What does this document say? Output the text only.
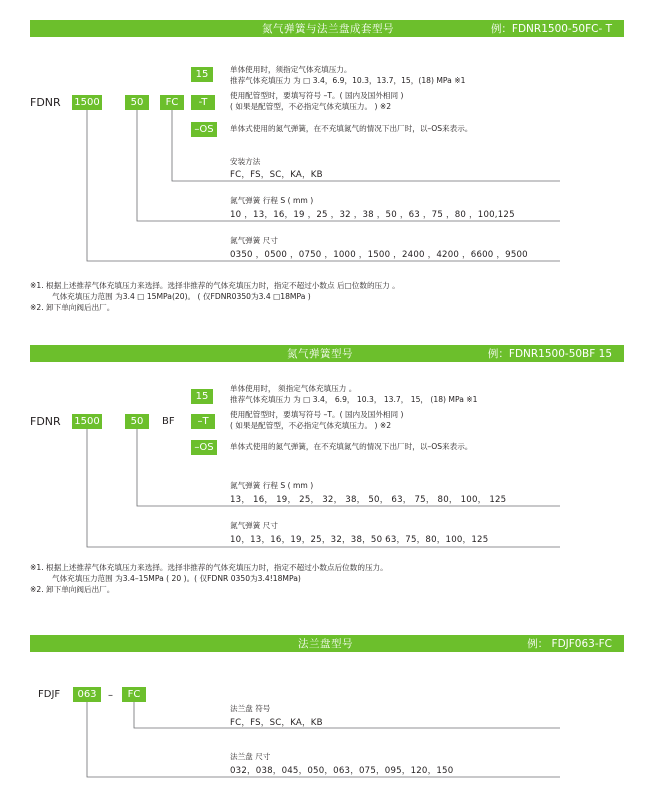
氮气弹簧与法兰盘成套型号	例：FDNR1500-50FC- T
15	单体使用时，须指定气体充填压力。
推荐气体充填压力 为 □ 3.4，6.9，10.3，13.7，15，(18) MPa ※1
FDNR 1500	50	FC	-T
使用配管型时，要填写符号 –T。( 国内及国外相同 )
( 如果是配管型，不必指定气体充填压力。 ) ※2
–OS	单体式使用的氮气弹簧，在不充填氮气的情况下出厂时，以–OS来表示。
安装方法
FC，FS，SC，KA，KB
氮气弹簧 行程 S ( mm )
10 ，13，16，19 ，25 ，32 ，38 ，50 ，63 ，75 ，80 ，100,125
氮气弹簧 尺寸
0350 ，0500 ，0750 ，1000 ，1500 ，2400 ，4200 ，6600 ，9500
※1. 根据上述推荐气体充填压力来选择。选择非推荐的气体充填压力时，指定不超过小数点 后□位数的压力 。
气体充填压力范围 为3.4 □ 15MPa(20)。 ( 仅FDNR0350为3.4 □18MPa )
※2. 卸下单向阀后出厂。
氮气弹簧型号	例：FDNR1500-50BF 15
15
单体使用时， 须指定气体充填压力 。
推荐气体充填压力 为 □ 3.4， 6.9， 10.3， 13.7， 15， (18) MPa ※1
FDNR 1500	50	BF	–T
使用配管型时，要填写符号 –T。( 国内及国外相同 )
( 如果是配管型，不必指定气体充填压力。 ) ※2
–OS	单体式使用的氮气弹簧，在不充填氮气的情况下出厂时，以–OS来表示。
氮气弹簧 行程 S ( mm )
13， 16， 19， 25， 32， 38， 50， 63， 75， 80， 100， 125
氮气弹簧 尺寸
10，13，16，19，25，32，38，50 63，75，80，100，125
※1. 根据上述推荐气体充填压力来选择。选择非推荐的气体充填压力时，指定不超过小数点后位数的压力。
气体充填压力范围 为3.4–15MPa ( 20 )。( 仅FDNR 0350为3.4!18MPa)
※2. 卸下单向阀后出厂。
法兰盘型号	例： FDJF063-FC
FDJF	063	–	FC
法兰盘 符号
FC，FS，SC，KA，KB
法兰盘 尺寸
032，038，045，050，063，075，095，120，150
